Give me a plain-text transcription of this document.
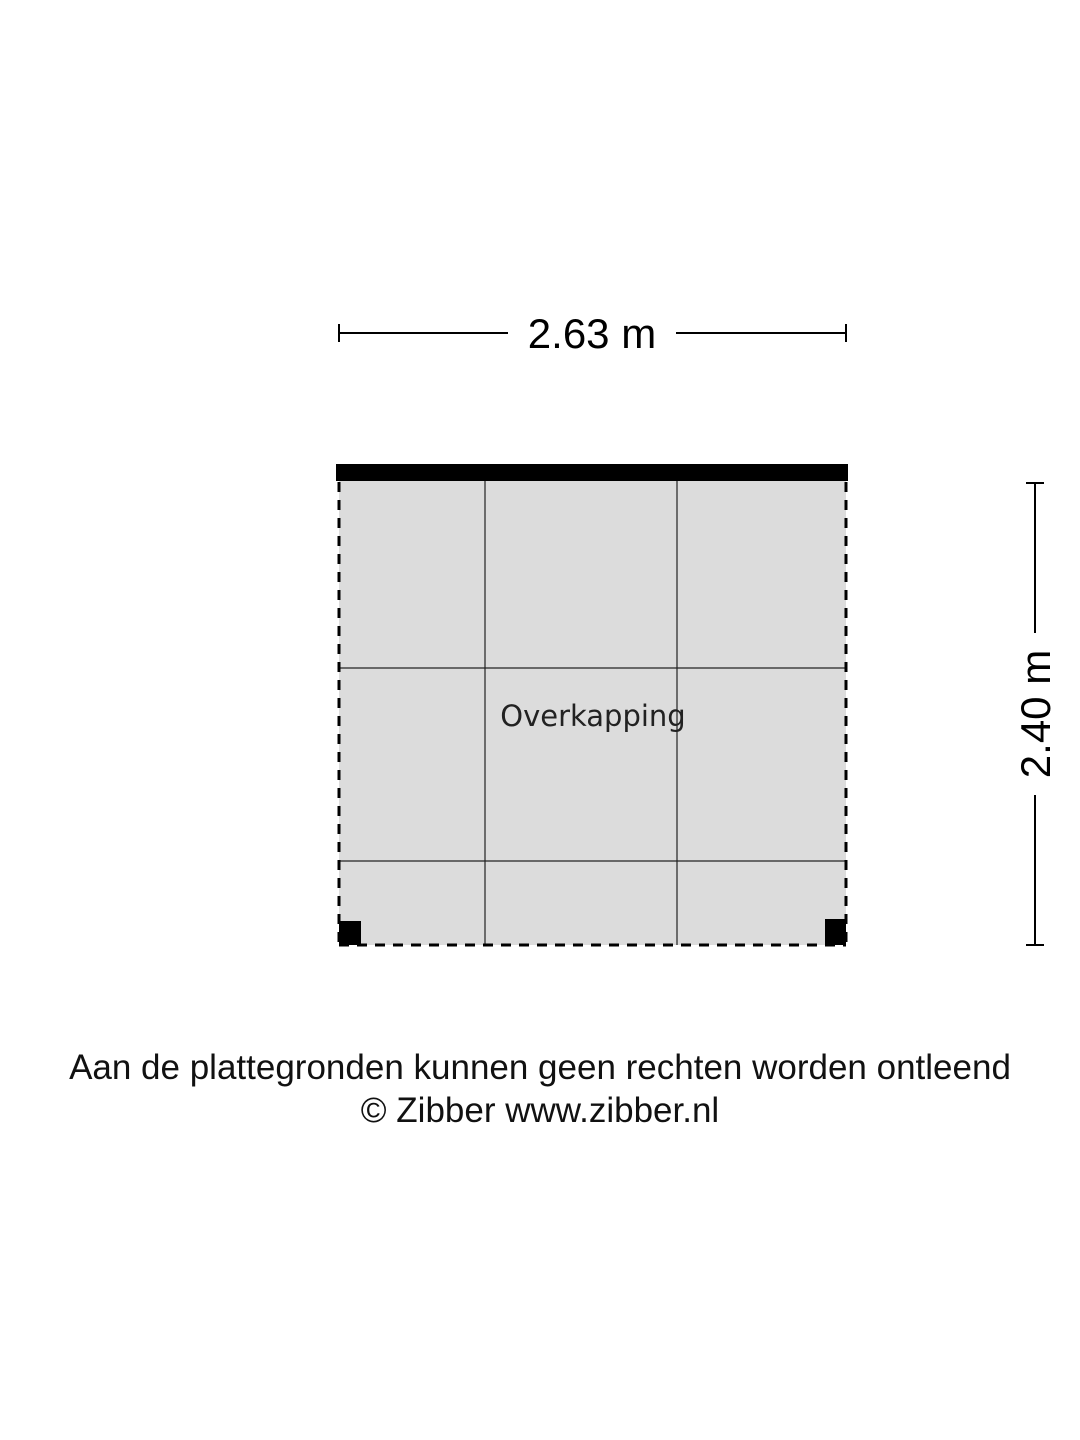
2.63 m
2.40 m
Overkapping
Aan de plattegronden kunnen geen rechten worden ontleend
© Zibber www.zibber.nl
